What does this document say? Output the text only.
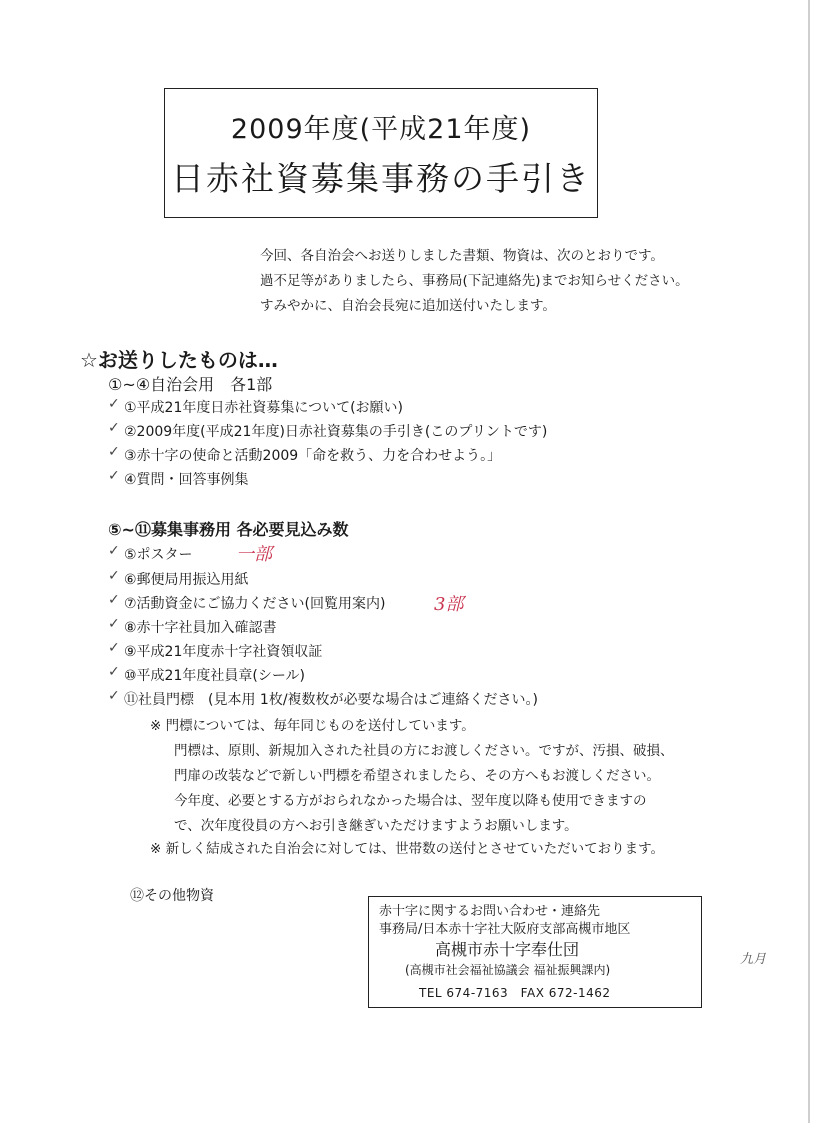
2009年度(平成21年度)
日赤社資募集事務の手引き
今回、各自治会へお送りしました書類、物資は、次のとおりです。
過不足等がありましたら、事務局(下記連絡先)までお知らせください。
すみやかに、自治会長宛に追加送付いたします。
☆お送りしたものは…
①~④自治会用　各1部
✓ ①平成21年度日赤社資募集について(お願い)
✓ ②2009年度(平成21年度)日赤社資募集の手引き(このプリントです)
✓ ③赤十字の使命と活動2009「命を救う、力を合わせよう。」
✓ ④質問・回答事例集
⑤~⑪募集事務用 各必要見込み数
✓ ⑤ポスター
✓ ⑥郵便局用振込用紙
✓ ⑦活動資金にご協力ください(回覧用案内)
✓ ⑧赤十字社員加入確認書
✓ ⑨平成21年度赤十字社資領収証
✓ ⑩平成21年度社員章(シール)
✓ ⑪社員門標　(見本用 1枚/複数枚が必要な場合はご連絡ください。)
一部
3部
※ 門標については、毎年同じものを送付しています。
門標は、原則、新規加入された社員の方にお渡しください。ですが、汚損、破損、
門扉の改装などで新しい門標を希望されましたら、その方へもお渡しください。
今年度、必要とする方がおられなかった場合は、翌年度以降も使用できますの
で、次年度役員の方へお引き継ぎいただけますようお願いします。
※ 新しく結成された自治会に対しては、世帯数の送付とさせていただいております。
⑫その他物資
赤十字に関するお問い合わせ・連絡先
事務局/日本赤十字社大阪府支部高槻市地区
高槻市赤十字奉仕団
(高槻市社会福祉協議会 福祉振興課内)
TEL 674-7163　FAX 672-1462
九月
